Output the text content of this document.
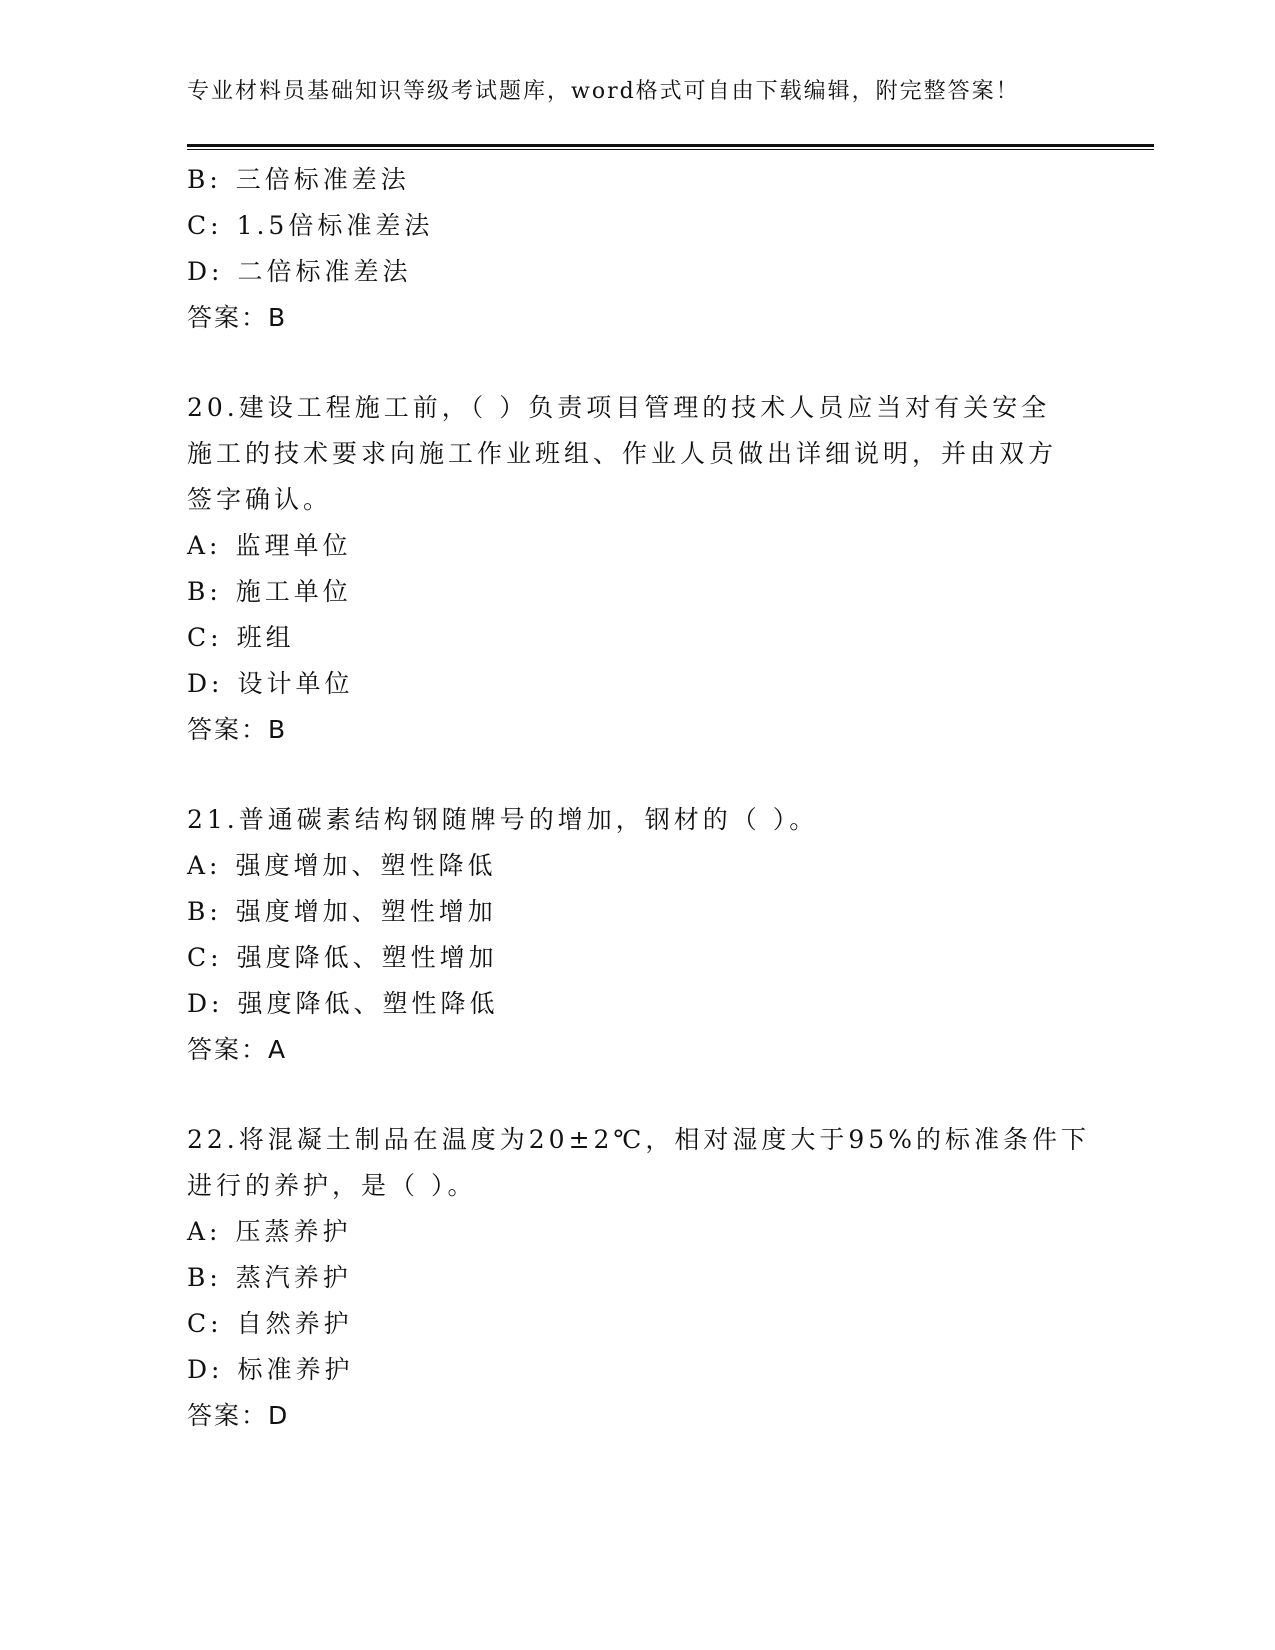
专业材料员基础知识等级考试题库，word格式可自由下载编辑，附完整答案！
B: 三倍标准差法
C: 1.5倍标准差法
D: 二倍标准差法
答案：B
20.建设工程施工前，（ ）负责项目管理的技术人员应当对有关安全
施工的技术要求向施工作业班组、作业人员做出详细说明，并由双方
签字确认。
A: 监理单位
B: 施工单位
C: 班组
D: 设计单位
答案：B
21.普通碳素结构钢随牌号的增加，钢材的（ ）。
A: 强度增加、塑性降低
B: 强度增加、塑性增加
C: 强度降低、塑性增加
D: 强度降低、塑性降低
答案：A
22.将混凝土制品在温度为20±2℃，相对湿度大于95%的标准条件下
进行的养护，是（ ）。
A: 压蒸养护
B: 蒸汽养护
C: 自然养护
D: 标准养护
答案：D
